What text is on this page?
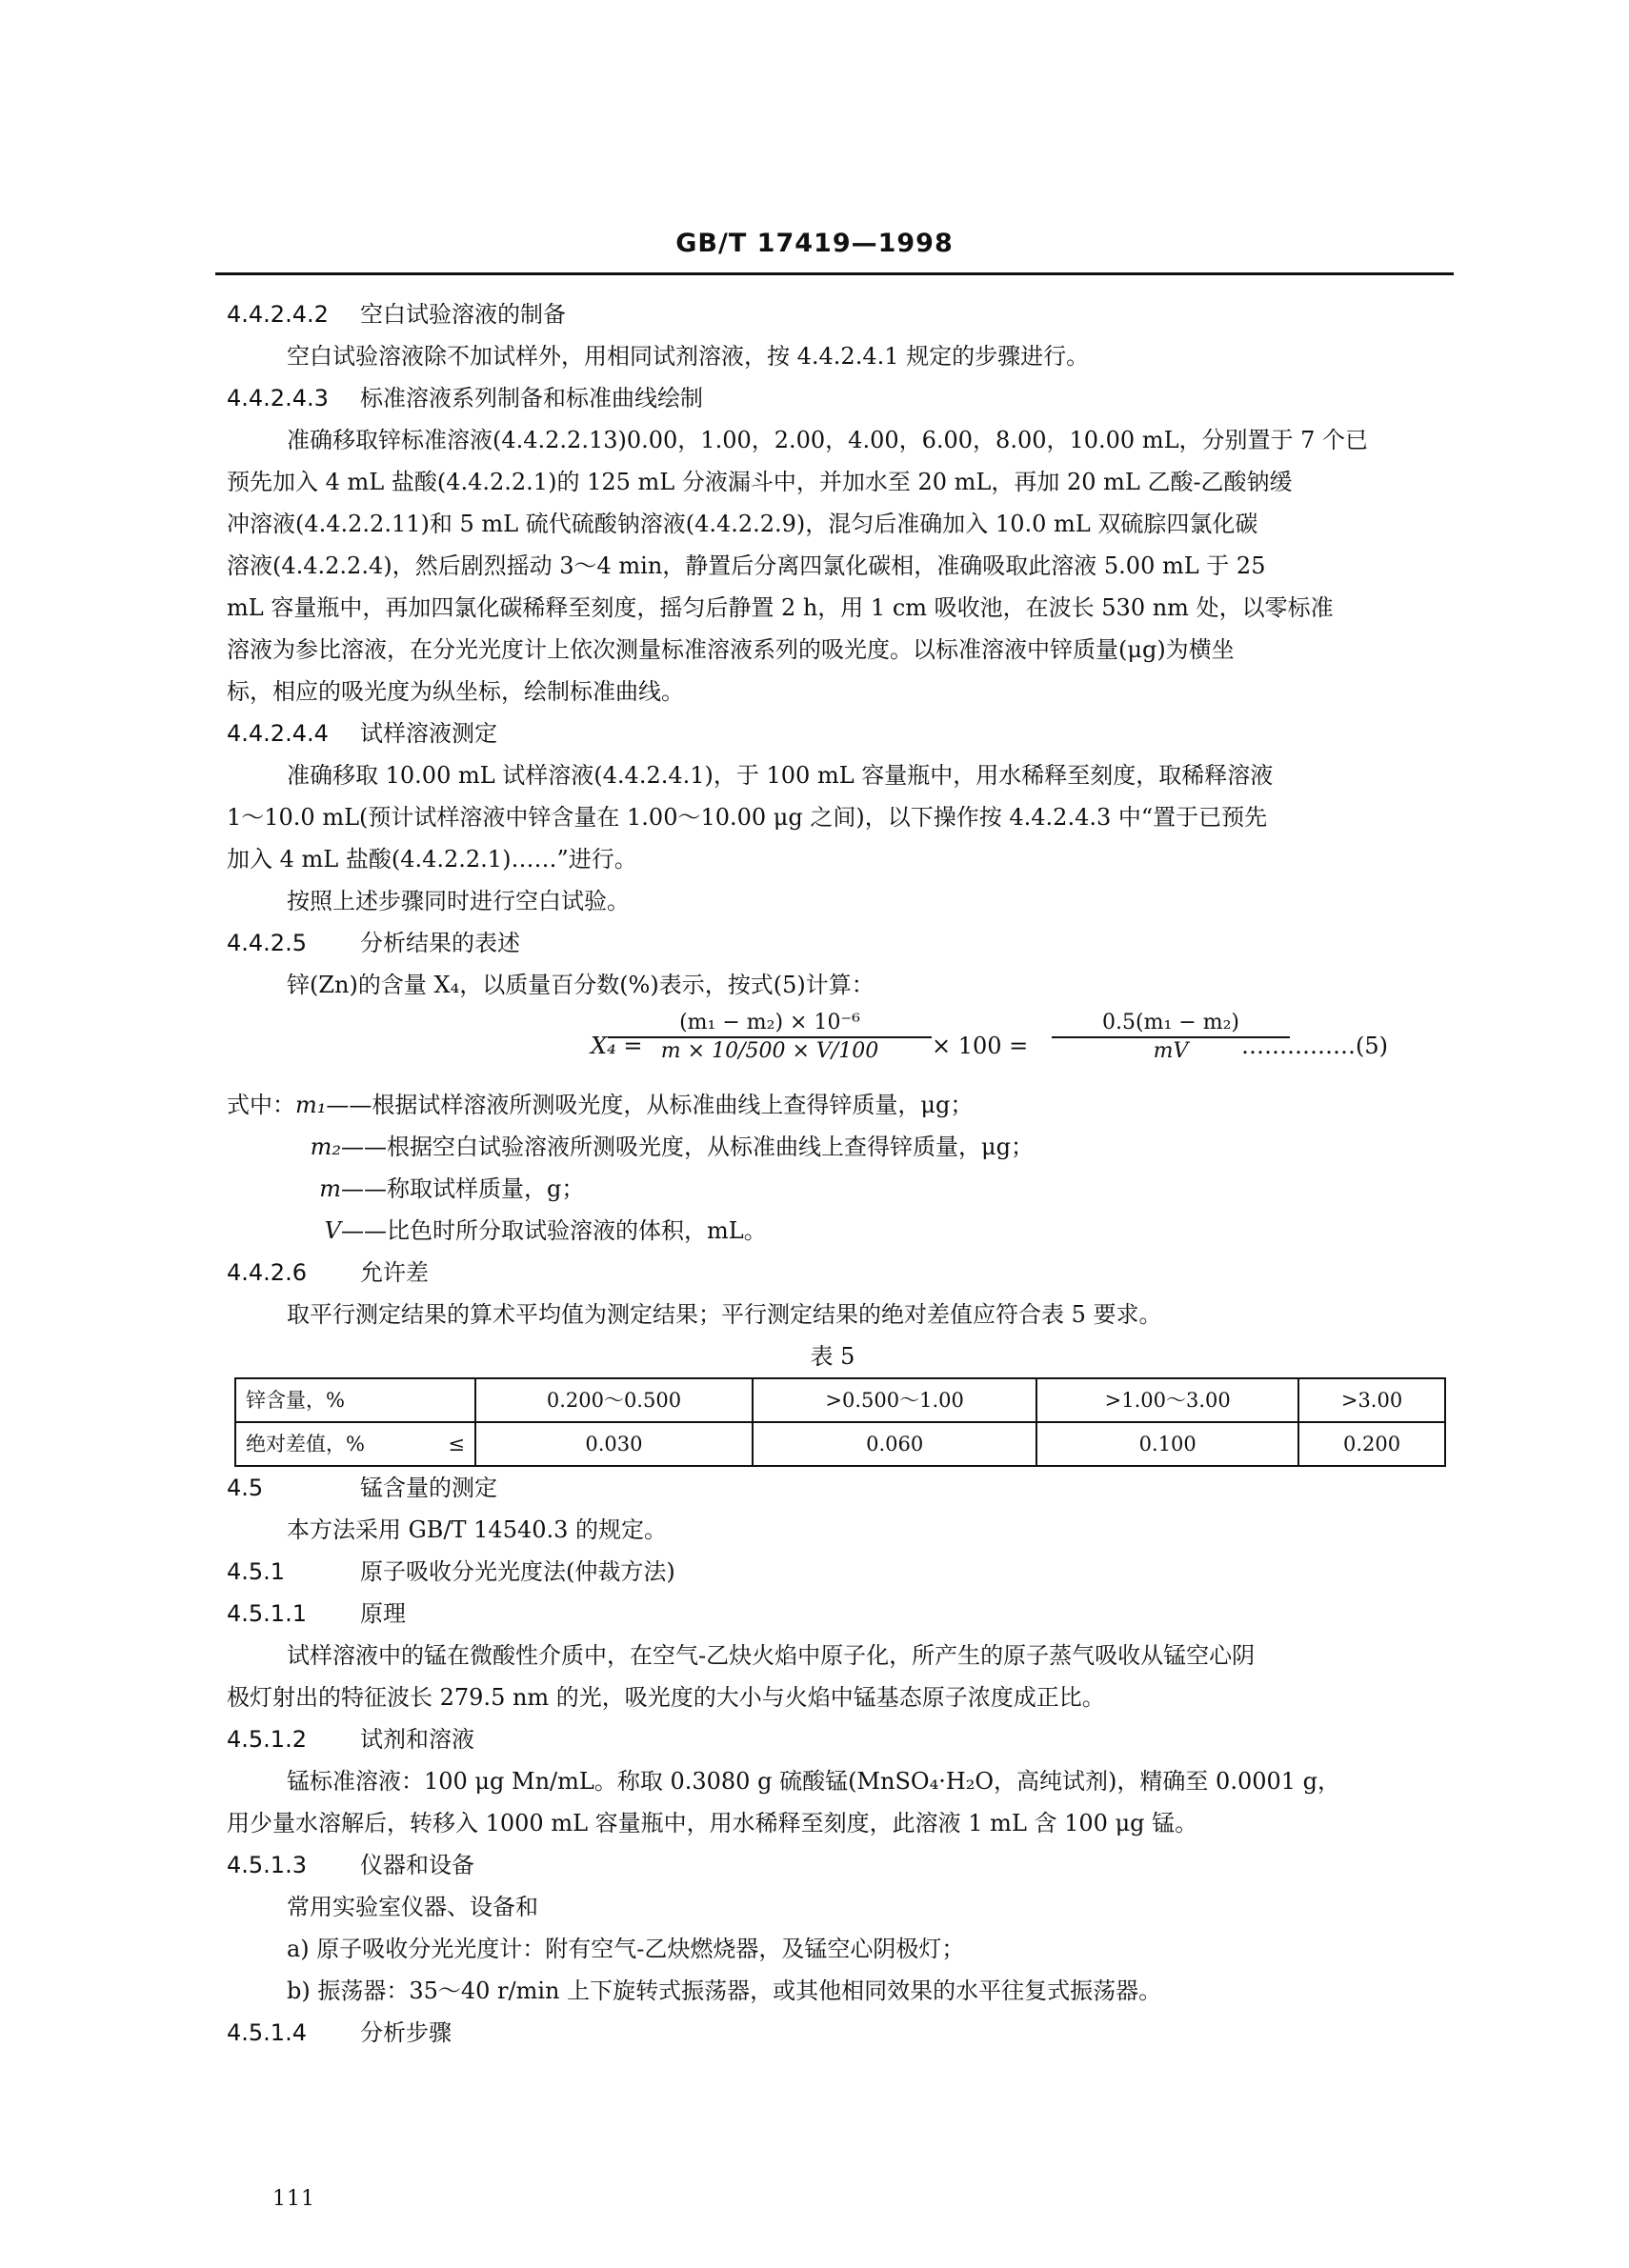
GB/T 17419—1998
4.4.2.4.2 空白试验溶液的制备
空白试验溶液除不加试样外，用相同试剂溶液，按 4.4.2.4.1 规定的步骤进行。
4.4.2.4.3 标准溶液系列制备和标准曲线绘制
准确移取锌标准溶液(4.4.2.2.13)0.00，1.00，2.00，4.00，6.00，8.00，10.00 mL，分别置于 7 个已
预先加入 4 mL 盐酸(4.4.2.2.1)的 125 mL 分液漏斗中，并加水至 20 mL，再加 20 mL 乙酸-乙酸钠缓
冲溶液(4.4.2.2.11)和 5 mL 硫代硫酸钠溶液(4.4.2.2.9)，混匀后准确加入 10.0 mL 双硫腙四氯化碳
溶液(4.4.2.2.4)，然后剧烈摇动 3～4 min，静置后分离四氯化碳相，准确吸取此溶液 5.00 mL 于 25
mL 容量瓶中，再加四氯化碳稀释至刻度，摇匀后静置 2 h，用 1 cm 吸收池，在波长 530 nm 处，以零标准
溶液为参比溶液，在分光光度计上依次测量标准溶液系列的吸光度。以标准溶液中锌质量(μg)为横坐
标，相应的吸光度为纵坐标，绘制标准曲线。
4.4.2.4.4 试样溶液测定
准确移取 10.00 mL 试样溶液(4.4.2.4.1)，于 100 mL 容量瓶中，用水稀释至刻度，取稀释溶液
1～10.0 mL(预计试样溶液中锌含量在 1.00～10.00 μg 之间)，以下操作按 4.4.2.4.3 中“置于已预先
加入 4 mL 盐酸(4.4.2.2.1)……”进行。
按照上述步骤同时进行空白试验。
4.4.2.5 分析结果的表述
锌(Zn)的含量 X₄，以质量百分数(%)表示，按式(5)计算：
X₄ =
$\frac{\text{(m₁ − m₂) × 10⁻⁶}}{m \times 10/500 \times V/100} \times 100 = \frac{\text{0.5(m₁ − m₂)}}{mV}$
……………(5)
式中：m₁——根据试样溶液所测吸光度，从标准曲线上查得锌质量，μg；
m₂——根据空白试验溶液所测吸光度，从标准曲线上查得锌质量，μg；
m——称取试样质量，g；
V——比色时所分取试验溶液的体积，mL。
4.4.2.6 允许差
取平行测定结果的算术平均值为测定结果；平行测定结果的绝对差值应符合表 5 要求。
表 5
锌含量，%	0.200～0.500	>0.500～1.00	>1.00～3.00	>3.00
绝对差值，% ≤	0.030	0.060	0.100	0.200
4.5	锰含量的测定
本方法采用 GB/T 14540.3 的规定。
4.5.1	原子吸收分光光度法(仲裁方法)
4.5.1.1 原理
试样溶液中的锰在微酸性介质中，在空气-乙炔火焰中原子化，所产生的原子蒸气吸收从锰空心阴
极灯射出的特征波长 279.5 nm 的光，吸光度的大小与火焰中锰基态原子浓度成正比。
4.5.1.2 试剂和溶液
锰标准溶液：100 μg Mn/mL。称取 0.3080 g 硫酸锰(MnSO₄·H₂O，高纯试剂)，精确至 0.0001 g，
用少量水溶解后，转移入 1000 mL 容量瓶中，用水稀释至刻度，此溶液 1 mL 含 100 μg 锰。
4.5.1.3 仪器和设备
常用实验室仪器、设备和
a) 原子吸收分光光度计：附有空气-乙炔燃烧器，及锰空心阴极灯；
b) 振荡器：35～40 r/min 上下旋转式振荡器，或其他相同效果的水平往复式振荡器。
4.5.1.4 分析步骤
111
